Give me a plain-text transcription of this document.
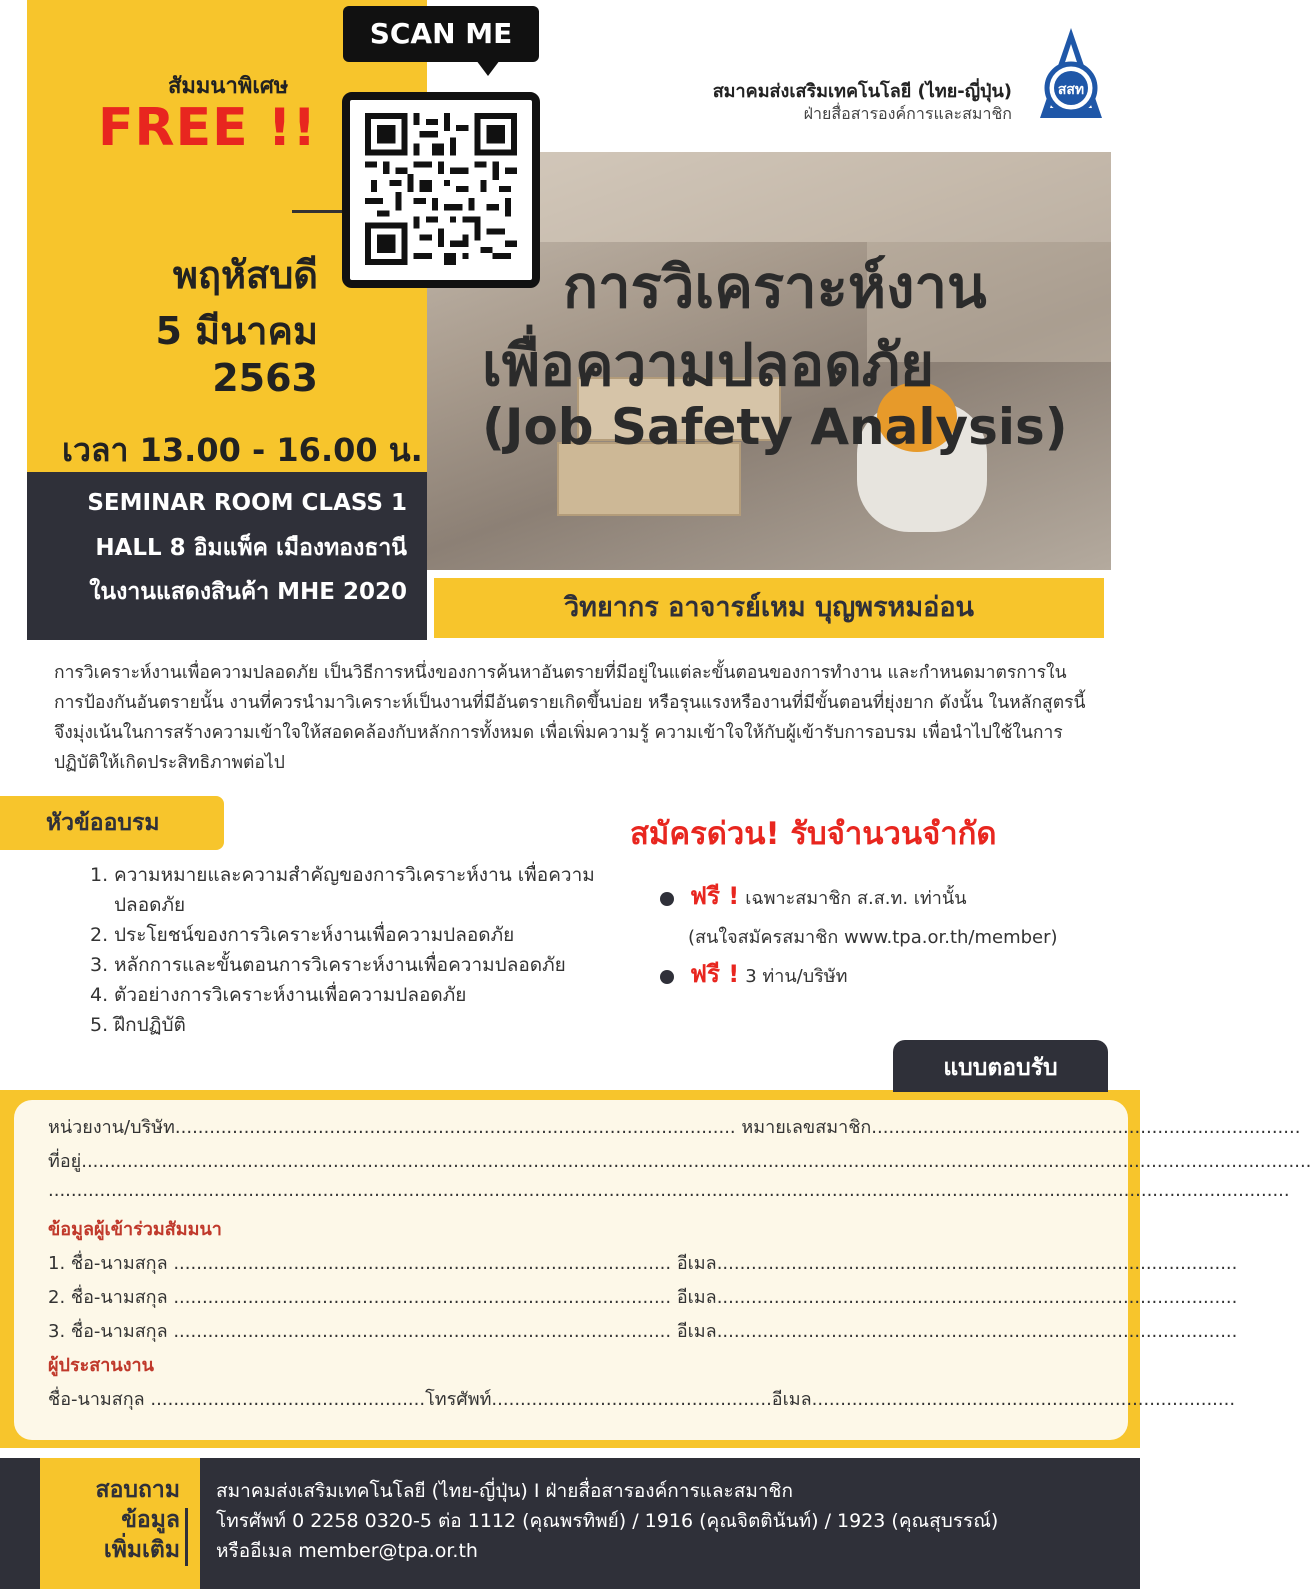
สัมมนาพิเศษ
FREE !!
พฤหัสบดี
5 มีนาคม
2563
เวลา 13.00 - 16.00 น.
SEMINAR ROOM CLASS 1
HALL 8 อิมแพ็ค เมืองทองธานี
ในงานแสดงสินค้า MHE 2020
การวิเคราะห์งาน
เพื่อความปลอดภัย
(Job Safety Analysis)
SCAN ME
สมาคมส่งเสริมเทคโนโลยี (ไทย-ญี่ปุ่น)
ฝ่ายสื่อสารองค์การและสมาชิก
สสท
วิทยากร อาจารย์เหม บุญพรหมอ่อน
การวิเคราะห์งานเพื่อความปลอดภัย เป็นวิธีการหนึ่งของการค้นหาอันตรายที่มีอยู่ในแต่ละขั้นตอนของการทำงาน และกำหนดมาตรการในการป้องกันอันตรายนั้น งานที่ควรนำมาวิเคราะห์เป็นงานที่มีอันตรายเกิดขึ้นบ่อย หรือรุนแรงหรืองานที่มีขั้นตอนที่ยุ่งยาก ดังนั้น ในหลักสูตรนี้จึงมุ่งเน้นในการสร้างความเข้าใจให้สอดคล้องกับหลักการทั้งหมด เพื่อเพิ่มความรู้ ความเข้าใจให้กับผู้เข้ารับการอบรม เพื่อนำไปใช้ในการปฏิบัติให้เกิดประสิทธิภาพต่อไป
หัวข้ออบรม
1. ความหมายและความสำคัญของการวิเคราะห์งาน เพื่อความปลอดภัย
2. ประโยชน์ของการวิเคราะห์งานเพื่อความปลอดภัย
3. หลักการและขั้นตอนการวิเคราะห์งานเพื่อความปลอดภัย
4. ตัวอย่างการวิเคราะห์งานเพื่อความปลอดภัย
5. ฝึกปฏิบัติ
สมัครด่วน! รับจำนวนจำกัด
ฟรี ! เฉพาะสมาชิก ส.ส.ท. เท่านั้น
(สนใจสมัครสมาชิก www.tpa.or.th/member)
ฟรี ! 3 ท่าน/บริษัท
แบบตอบรับ
หน่วยงาน/บริษัท.................................................................................................. หมายเลขสมาชิก...........................................................................
ที่อยู่.......................................................................................................................................................................................................................
.........................................................................................................................................................................................................................
ข้อมูลผู้เข้าร่วมสัมมนา
1. ชื่อ-นามสกุล ....................................................................................... อีเมล...........................................................................................
2. ชื่อ-นามสกุล ....................................................................................... อีเมล...........................................................................................
3. ชื่อ-นามสกุล ....................................................................................... อีเมล...........................................................................................
ผู้ประสานงาน
ชื่อ-นามสกุล ................................................โทรศัพท์.................................................อีเมล..........................................................................
สอบถาม
ข้อมูล
เพิ่มเติม
สมาคมส่งเสริมเทคโนโลยี (ไทย-ญี่ปุ่น) I ฝ่ายสื่อสารองค์การและสมาชิก
โทรศัพท์ 0 2258 0320-5 ต่อ 1112 (คุณพรทิพย์) / 1916 (คุณจิตตินันท์) / 1923 (คุณสุบรรณ์)
หรืออีเมล member@tpa.or.th
